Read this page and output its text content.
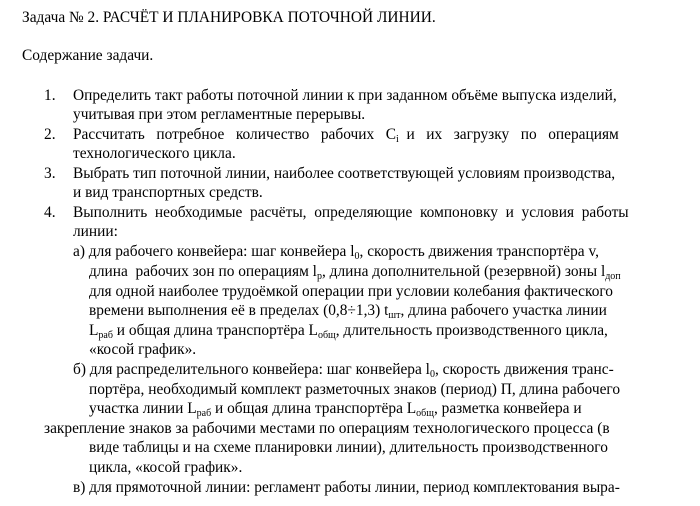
Задача № 2. РАСЧЁТ И ПЛАНИРОВКА ПОТОЧНОЙ ЛИНИИ.
Содержание задачи.
1. Определить такт работы поточной линии к при заданном объёме выпуска изделий,
учитывая при этом регламентные перерывы.
2. Рассчитать   потребное   количество   рабочих   $C_i$  и   их   загрузку   по   операциям
технологического цикла.
3. Выбрать тип поточной линии, наиболее соответствующей условиям производства,
и вид транспортных средств.
4. Выполнить  необходимые  расчёты,  определяющие  компоновку  и  условия  работы
линии:
а) для рабочего конвейера: шаг конвейера $l_0$, скорость движения транспортёра v,
длина  рабочих зон по операциям $l_р$, длина дополнительной (резервной) зоны $l_{доп}$
для одной наиболее трудоёмкой операции при условии колебания фактического
времени выполнения её в пределах (0,8÷1,3) $t_{шт}$, длина рабочего участка линии
$L_{раб}$ и общая длина транспортёра $L_{общ}$, длительность производственного цикла,
«косой график».
б) для распределительного конвейера: шаг конвейера $l_0$, скорость движения транс-
портёра, необходимый комплект разметочных знаков (период) П, длина рабочего
участка линии $L_{раб}$ и общая длина транспортёра $L_{общ}$, разметка конвейера и
закрепление знаков за рабочими местами по операциям технологического процесса (в
виде таблицы и на схеме планировки линии), длительность производственного
цикла, «косой график».
в) для прямоточной линии: регламент работы линии, период комплектования выра-
